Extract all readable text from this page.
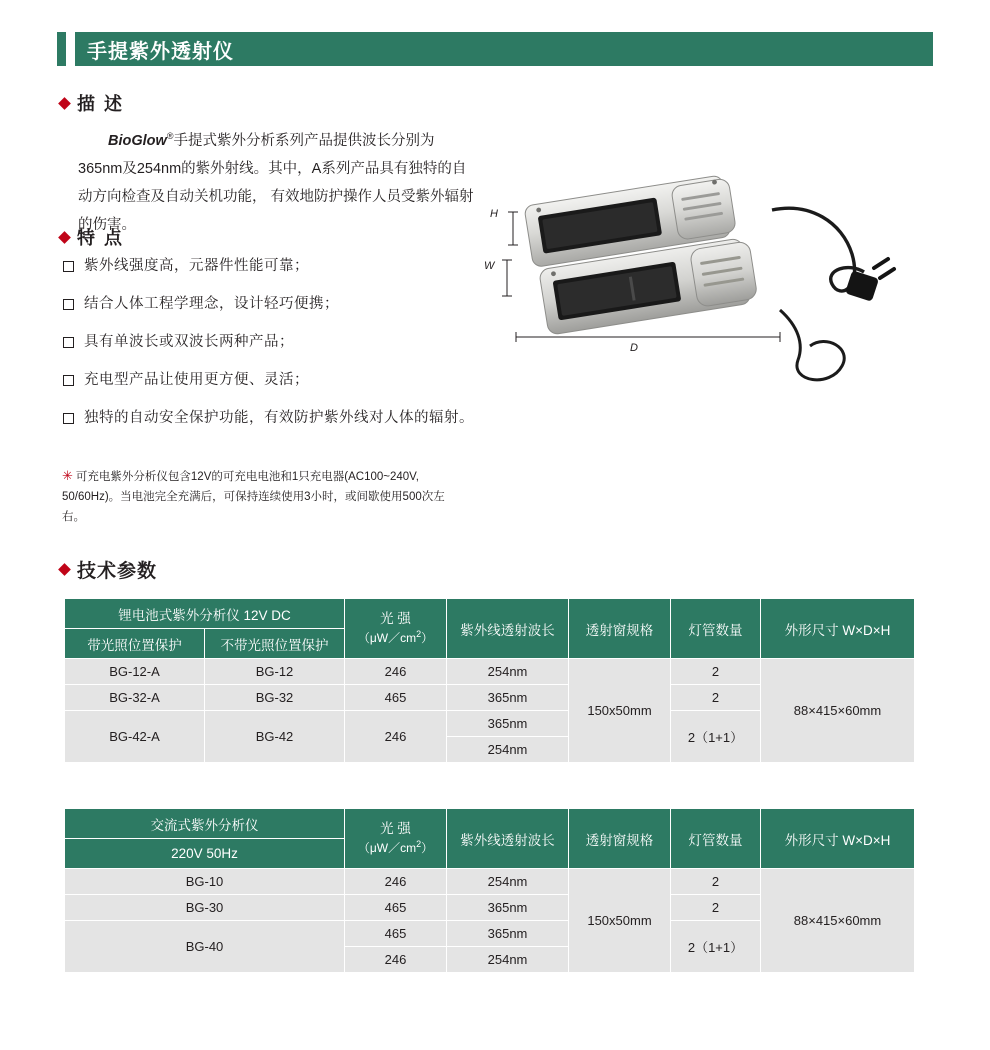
手提紫外透射仪
描 述
BioGlow®手提式紫外分析系列产品提供波长分别为365nm及254nm的紫外射线。其中，A系列产品具有独特的自动方向检查及自动关机功能， 有效地防护操作人员受紫外辐射的伤害。
特 点
紫外线强度高，元器件性能可靠；
结合人体工程学理念，设计轻巧便携；
具有单波长或双波长两种产品；
充电型产品让使用更方便、灵活；
独特的自动安全保护功能，有效防护紫外线对人体的辐射。
✳ 可充电紫外分析仪包含12V的可充电电池和1只充电器(AC100~240V, 50/60Hz)。当电池完全充满后，可保持连续使用3小时，或间歇使用500次左右。
H
W
D
技术参数
锂电池式紫外分析仪 12V DC		光 强
$(\mu W/cm^2)$	紫外线透射波长	透射窗规格	灯管数量	外形尺寸 W×D×H
带光照位置保护	不带光照位置保护					
BG-12-A	BG-12	246	254nm	150x50mm	2	88×415×60mm
BG-32-A	BG-32	465	365nm		2	
BG-42-A	BG-42	246	365nm		2（1+1）	
			254nm			
交流式紫外分析仪	光 强
$(\mu W/cm^2)$	紫外线透射波长	透射窗规格	灯管数量	外形尺寸 W×D×H
220V 50Hz					
BG-10	246	254nm	150x50mm	2	88×415×60mm
BG-30	465	365nm		2	
BG-40	465	365nm		2（1+1）	
	246	254nm			
